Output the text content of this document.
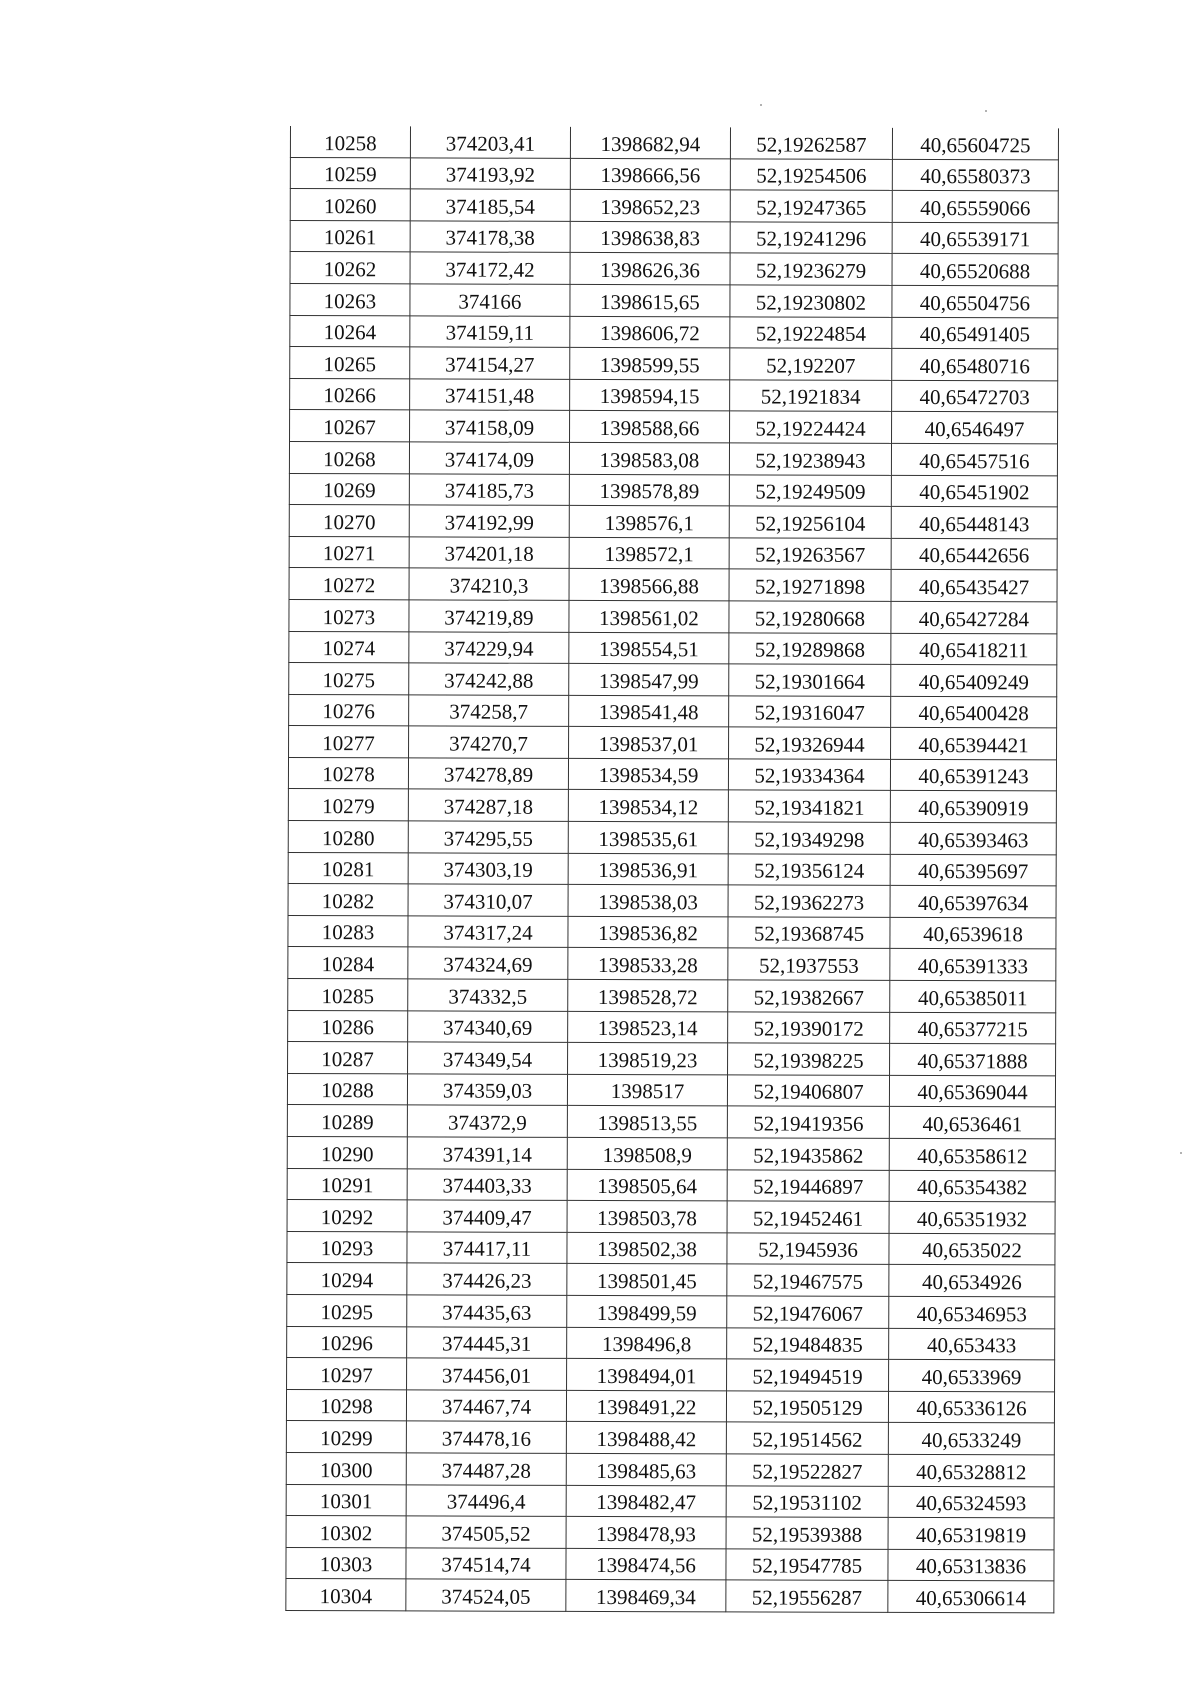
10258	374203,41	1398682,94	52,19262587	40,65604725
10259	374193,92	1398666,56	52,19254506	40,65580373
10260	374185,54	1398652,23	52,19247365	40,65559066
10261	374178,38	1398638,83	52,19241296	40,65539171
10262	374172,42	1398626,36	52,19236279	40,65520688
10263	374166	1398615,65	52,19230802	40,65504756
10264	374159,11	1398606,72	52,19224854	40,65491405
10265	374154,27	1398599,55	52,192207	40,65480716
10266	374151,48	1398594,15	52,1921834	40,65472703
10267	374158,09	1398588,66	52,19224424	40,6546497
10268	374174,09	1398583,08	52,19238943	40,65457516
10269	374185,73	1398578,89	52,19249509	40,65451902
10270	374192,99	1398576,1	52,19256104	40,65448143
10271	374201,18	1398572,1	52,19263567	40,65442656
10272	374210,3	1398566,88	52,19271898	40,65435427
10273	374219,89	1398561,02	52,19280668	40,65427284
10274	374229,94	1398554,51	52,19289868	40,65418211
10275	374242,88	1398547,99	52,19301664	40,65409249
10276	374258,7	1398541,48	52,19316047	40,65400428
10277	374270,7	1398537,01	52,19326944	40,65394421
10278	374278,89	1398534,59	52,19334364	40,65391243
10279	374287,18	1398534,12	52,19341821	40,65390919
10280	374295,55	1398535,61	52,19349298	40,65393463
10281	374303,19	1398536,91	52,19356124	40,65395697
10282	374310,07	1398538,03	52,19362273	40,65397634
10283	374317,24	1398536,82	52,19368745	40,6539618
10284	374324,69	1398533,28	52,1937553	40,65391333
10285	374332,5	1398528,72	52,19382667	40,65385011
10286	374340,69	1398523,14	52,19390172	40,65377215
10287	374349,54	1398519,23	52,19398225	40,65371888
10288	374359,03	1398517	52,19406807	40,65369044
10289	374372,9	1398513,55	52,19419356	40,6536461
10290	374391,14	1398508,9	52,19435862	40,65358612
10291	374403,33	1398505,64	52,19446897	40,65354382
10292	374409,47	1398503,78	52,19452461	40,65351932
10293	374417,11	1398502,38	52,1945936	40,6535022
10294	374426,23	1398501,45	52,19467575	40,6534926
10295	374435,63	1398499,59	52,19476067	40,65346953
10296	374445,31	1398496,8	52,19484835	40,653433
10297	374456,01	1398494,01	52,19494519	40,6533969
10298	374467,74	1398491,22	52,19505129	40,65336126
10299	374478,16	1398488,42	52,19514562	40,6533249
10300	374487,28	1398485,63	52,19522827	40,65328812
10301	374496,4	1398482,47	52,19531102	40,65324593
10302	374505,52	1398478,93	52,19539388	40,65319819
10303	374514,74	1398474,56	52,19547785	40,65313836
10304	374524,05	1398469,34	52,19556287	40,65306614
